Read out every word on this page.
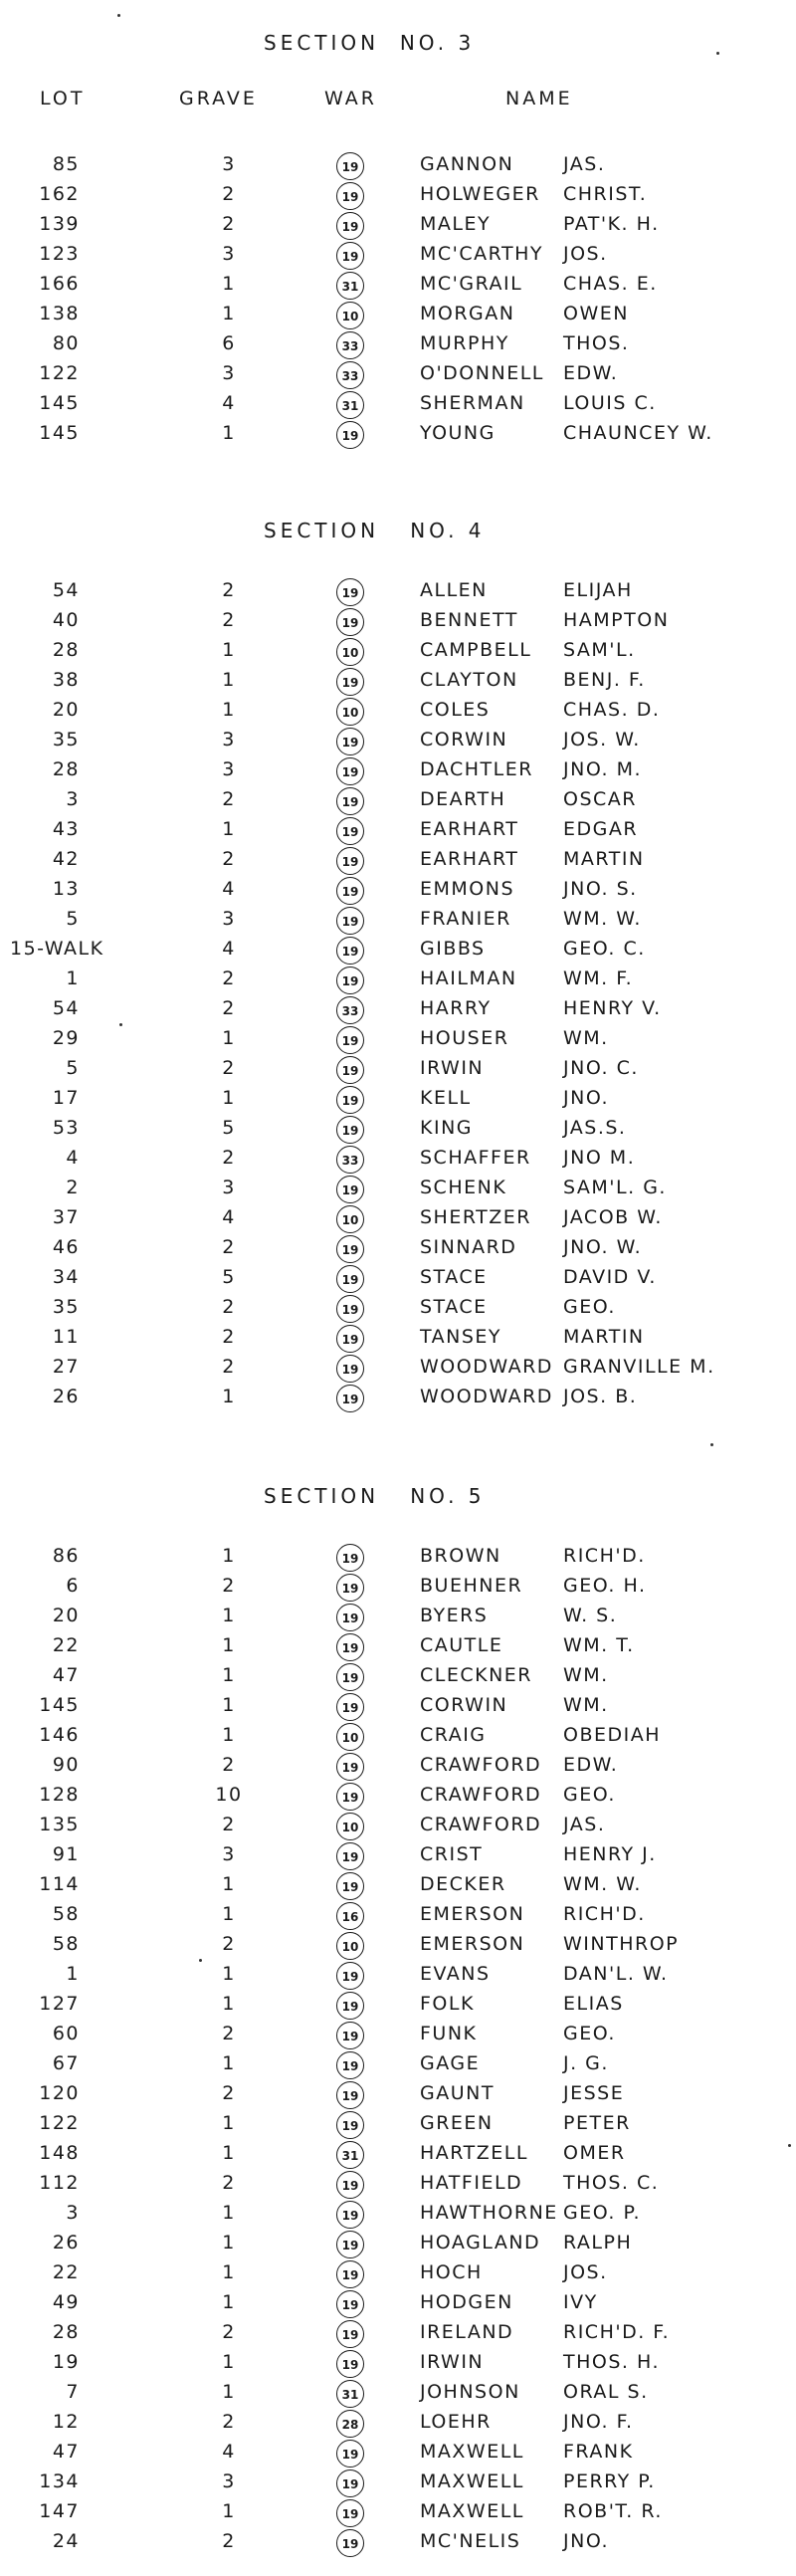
SECTION  NO. 3
LOT	GRAVE	WAR	NAME
85	3	19	GANNON	JAS.
162	2	19	HOLWEGER CHRIST.
139	2	19	MALEY	PAT'K. H.
123	3	19	MC'CARTHY JOS.
166	1	31	MC'GRAIL CHAS. E.
138	1	10	MORGAN	OWEN
80	6	33	MURPHY	THOS.
122	3	33	O'DONNELL EDW.
145	4	31	SHERMAN LOUIS C.
145	1	19	YOUNG	CHAUNCEY W.
SECTION   NO. 4
54	2	19	ALLEN	ELIJAH
40	2	19	BENNETT HAMPTON
28	1	10	CAMPBELL SAM'L.
38	1	19	CLAYTON BENJ. F.
20	1	10	COLES	CHAS. D.
35	3	19	CORWIN	JOS. W.
28	3	19	DACHTLER JNO. M.
3	2	19	DEARTH	OSCAR
43	1	19	EARHART EDGAR
42	2	19	EARHART MARTIN
13	4	19	EMMONS	JNO. S.
5	3	19	FRANIER	WM. W.
15-WALK	4	19	GIBBS	GEO. C.
1	2	19	HAILMAN WM. F.
54	2	33	HARRY	HENRY V.
29	1	19	HOUSER	WM.
5	2	19	IRWIN	JNO. C.
17	1	19	KELL	JNO.
53	5	19	KING	JAS.S.
4	2	33	SCHAFFER JNO M.
2	3	19	SCHENK	SAM'L. G.
37	4	10	SHERTZER JACOB W.
46	2	19	SINNARD JNO. W.
34	5	19	STACE	DAVID V.
35	2	19	STACE	GEO.
11	2	19	TANSEY	MARTIN
27	2	19	WOODWARD GRANVILLE M.
26	1	19	WOODWARD JOS. B.
SECTION   NO. 5
86	1	19	BROWN	RICH'D.
6	2	19	BUEHNER GEO. H.
20	1	19	BYERS	W. S.
22	1	19	CAUTLE	WM. T.
47	1	19	CLECKNER WM.
145	1	19	CORWIN	WM.
146	1	10	CRAIG	OBEDIAH
90	2	19	CRAWFORD EDW.
128	10	19	CRAWFORD GEO.
135	2	10	CRAWFORD JAS.
91	3	19	CRIST	HENRY J.
114	1	19	DECKER	WM. W.
58	1	16	EMERSON RICH'D.
58	2	10	EMERSON WINTHROP
1	1	19	EVANS	DAN'L. W.
127	1	19	FOLK	ELIAS
60	2	19	FUNK	GEO.
67	1	19	GAGE	J. G.
120	2	19	GAUNT	JESSE
122	1	19	GREEN	PETER
148	1	31	HARTZELL OMER
112	2	19	HATFIELD THOS. C.
3	1	19	HAWTHORNE GEO. P.
26	1	19	HOAGLAND RALPH
22	1	19	HOCH	JOS.
49	1	19	HODGEN	IVY
28	2	19	IRELAND	RICH'D. F.
19	1	19	IRWIN	THOS. H.
7	1	31	JOHNSON ORAL S.
12	2	28	LOEHR	JNO. F.
47	4	19	MAXWELL FRANK
134	3	19	MAXWELL PERRY P.
147	1	19	MAXWELL ROB'T. R.
24	2	19	MC'NELIS JNO.
